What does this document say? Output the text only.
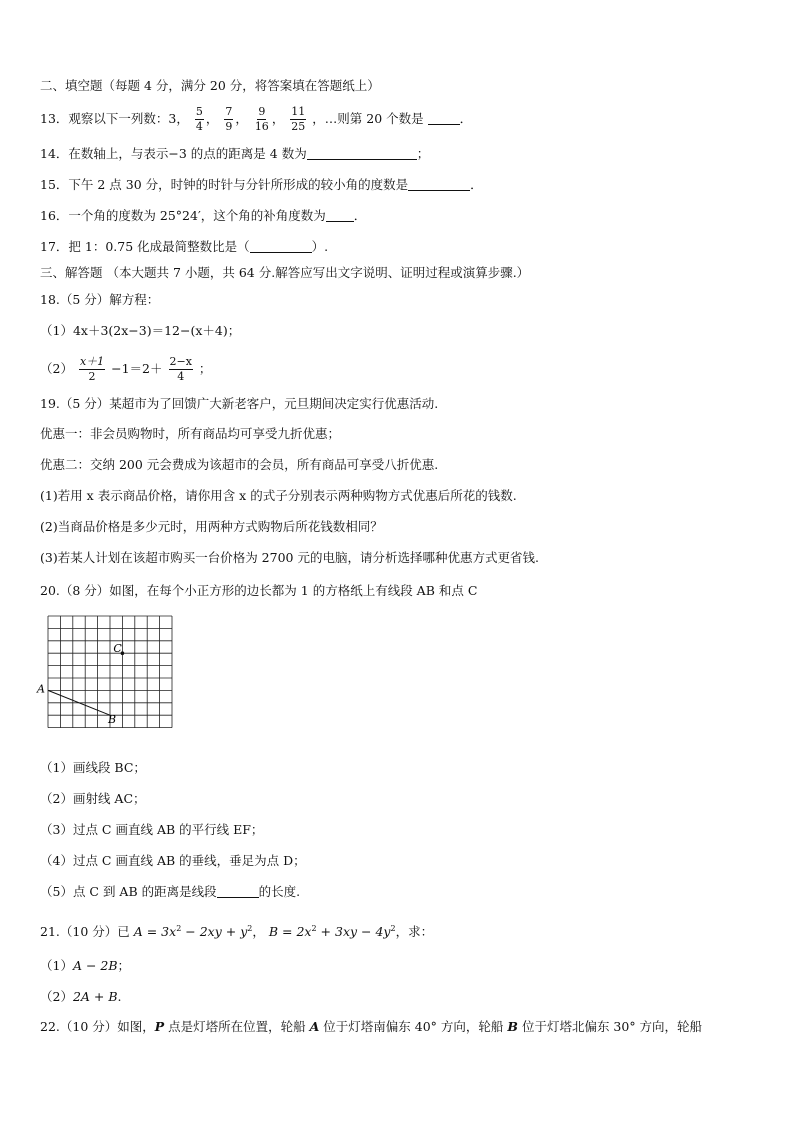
二、填空题（每题 4 分，满分 20 分，将答案填在答题纸上）
13．观察以下一列数：3， $\frac{5}{4}$ ， $\frac{7}{9}$ ， $\frac{9}{16}$ ， $\frac{11}{25}$ ，…则第 20 个数是	．
14．在数轴上，与表示−3 的点的距离是 4 数为	；
15．下午 2 点 30 分，时钟的时针与分针所形成的较小角的度数是	．
16．一个角的度数为 25°24′，这个角的补角度数为 ．
17．把 1：0.75 化成最简整数比是（	）.
三、解答题 （本大题共 7 小题，共 64 分.解答应写出文字说明、证明过程或演算步骤.）
18.（5 分）解方程：
（1）4x＋3(2x−3)＝12−(x＋4)；
$(2) \frac{x+1}{2} -1=2+ \frac{2-x}{4}$ ；
19.（5 分）某超市为了回馈广大新老客户，元旦期间决定实行优惠活动.
优惠一：非会员购物时，所有商品均可享受九折优惠；
优惠二：交纳 200 元会费成为该超市的会员，所有商品可享受八折优惠.
(1)若用 x 表示商品价格，请你用含 x 的式子分别表示两种购物方式优惠后所花的钱数.
(2)当商品价格是多少元时，用两种方式购物后所花钱数相同？
(3)若某人计划在该超市购买一台价格为 2700 元的电脑，请分析选择哪种优惠方式更省钱.
20.（8 分）如图，在每个小正方形的边长都为 1 的方格纸上有线段 AB 和点 C
A
B
C
（1）画线段 BC；
（2）画射线 AC；
（3）过点 C 画直线 AB 的平行线 EF；
（4）过点 C 画直线 AB 的垂线，垂足为点 D；
（5）点 C 到 AB 的距离是线段	的长度.
21.（10 分）已 $A = 3x^2 - 2xy + y^2$， $B = 2x^2 + 3xy - 4y^2$，求：
（1）A − 2B；
（2）2A + B.
22.（10 分）如图，P 点是灯塔所在位置，轮船 A 位于灯塔南偏东 40° 方向，轮船 B 位于灯塔北偏东 30° 方向，轮船
